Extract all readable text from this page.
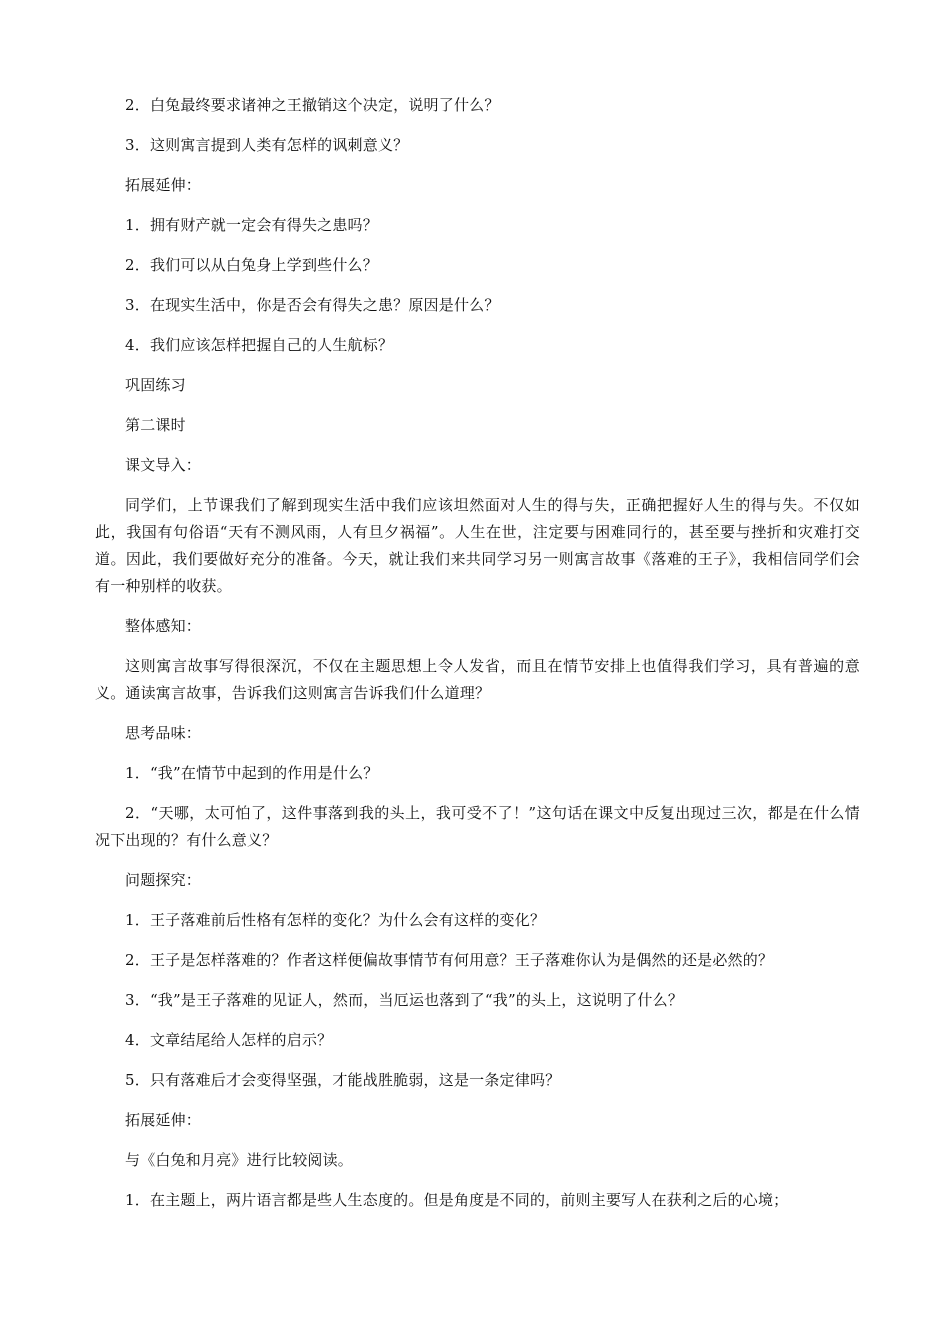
2．白兔最终要求诸神之王撤销这个决定，说明了什么？

3．这则寓言提到人类有怎样的讽刺意义？

拓展延伸：

1．拥有财产就一定会有得失之患吗？

2．我们可以从白兔身上学到些什么？

3．在现实生活中，你是否会有得失之患？原因是什么？

4．我们应该怎样把握自己的人生航标？

巩固练习

第二课时

课文导入：

同学们，上节课我们了解到现实生活中我们应该坦然面对人生的得与失，正确把握好人生的得与失。不仅如此，我国有句俗语“天有不测风雨，人有旦夕祸福”。人生在世，注定要与困难同行的，甚至要与挫折和灾难打交道。因此，我们要做好充分的准备。今天，就让我们来共同学习另一则寓言故事《落难的王子》，我相信同学们会有一种别样的收获。

整体感知：

这则寓言故事写得很深沉，不仅在主题思想上令人发省，而且在情节安排上也值得我们学习，具有普遍的意义。通读寓言故事，告诉我们这则寓言告诉我们什么道理？

思考品味：

1．“我”在情节中起到的作用是什么？

2．“天哪，太可怕了，这件事落到我的头上，我可受不了！”这句话在课文中反复出现过三次，都是在什么情况下出现的？有什么意义？

问题探究：

1．王子落难前后性格有怎样的变化？为什么会有这样的变化？

2．王子是怎样落难的？作者这样便偏故事情节有何用意？王子落难你认为是偶然的还是必然的？

3．“我”是王子落难的见证人，然而，当厄运也落到了“我”的头上，这说明了什么？

4．文章结尾给人怎样的启示？

5．只有落难后才会变得坚强，才能战胜脆弱，这是一条定律吗？

拓展延伸：

与《白兔和月亮》进行比较阅读。

1．在主题上，两片语言都是些人生态度的。但是角度是不同的，前则主要写人在获利之后的心境；
